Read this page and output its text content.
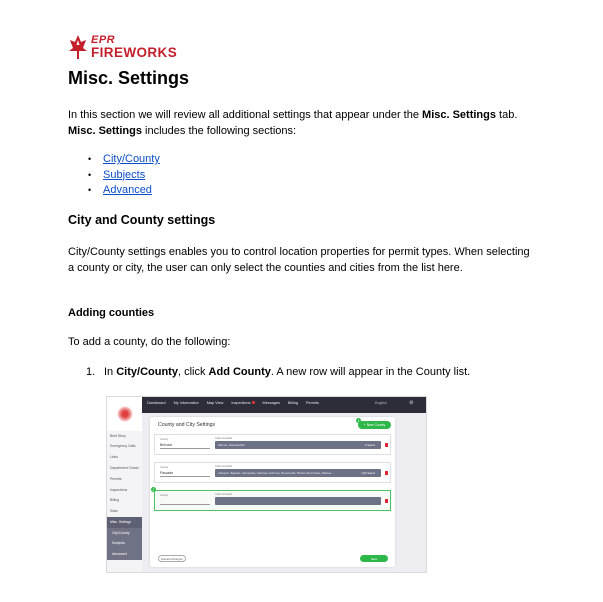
EPR
FIREWORKS
Misc. Settings

In this section we will review all additional settings that appear under the Misc. Settings tab. Misc. Settings includes the following sections:

•	City/County
•	Subjects
•	Advanced
City and County settings

City/County settings enables you to control location properties for permit types. When selecting a county or city, the user can only select the counties and cities from the list here.

Adding counties

To add a county, do the following:

1. In City/County, click Add County. A new row will appear in the County list.
Dashboard My Information Map View Inspections	Messages Billing Permits	English	⚙
Brief Story
Emergency Calls
Links
Department Charts
Permits
Inspections
Billing
Stats
Misc. Settings
City/County
Subjects
Advanced
County and City Settings	+ New County
1
County
Brevard
Cities included
Alfonso, Alameda Bar	2 Select
County
Pascade
Cities included
Arlington, Bayside, Springdale, Fairview, Ashmore, Brownsville, Bristol, Riverchase, Bellvue ...	(10) Select
County	Cities included
2
Discard Changes	Save
